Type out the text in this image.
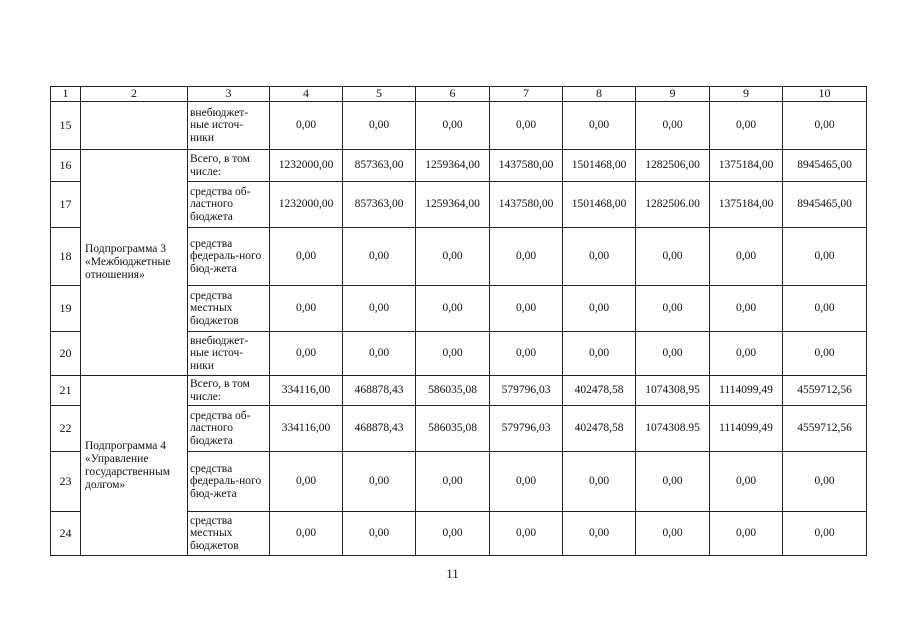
1	2	3	4	5	6	7	8	9	9	10
15		внебюджет-ные источ-ники	0,00	0,00	0,00	0,00	0,00	0,00	0,00	0,00
16	Подпрограмма 3 «Межбюджетные отношения»	Всего, в том числе:	1232000,00	857363,00	1259364,00	1437580,00	1501468,00	1282506,00	1375184,00	8945465,00
17		средства об-ластного бюджета	1232000,00	857363,00	1259364,00	1437580,00	1501468,00	1282506.00	1375184,00	8945465,00
18		средства федераль-ного бюд-жета	0,00	0,00	0,00	0,00	0,00	0,00	0,00	0,00
19		средства местных бюджетов	0,00	0,00	0,00	0,00	0,00	0,00	0,00	0,00
20		внебюджет-ные источ-ники	0,00	0,00	0,00	0,00	0,00	0,00	0,00	0,00
21	Подпрограмма 4 «Управление государственным долгом»	Всего, в том числе:	334116,00	468878,43	586035,08	579796,03	402478,58	1074308,95	1114099,49	4559712,56
22		средства об-ластного бюджета	334116,00	468878,43	586035,08	579796,03	402478,58	1074308.95	1114099,49	4559712,56
23		средства федераль-ного бюд-жета	0,00	0,00	0,00	0,00	0,00	0,00	0,00	0,00
24		средства местных бюджетов	0,00	0,00	0,00	0,00	0,00	0,00	0,00	0,00
11
